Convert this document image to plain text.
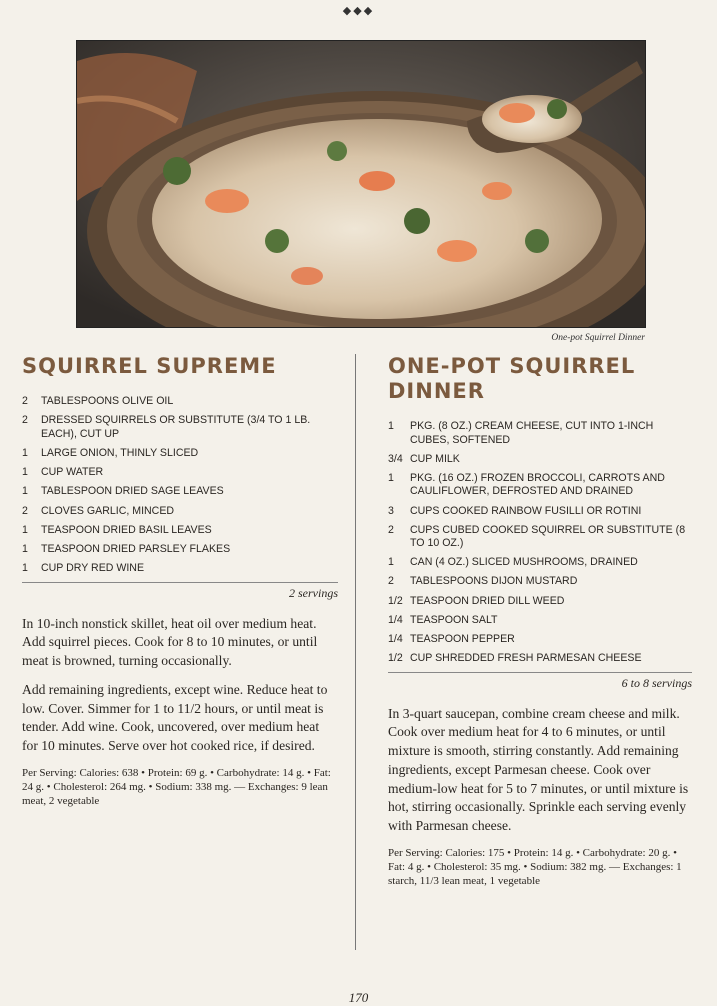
◆◆◆
One-pot Squirrel Dinner
SQUIRREL SUPREME
2	TABLESPOONS OLIVE OIL
2	DRESSED SQUIRRELS OR SUBSTITUTE (3/4 TO 1 LB. EACH), CUT UP
1	LARGE ONION, THINLY SLICED
1	CUP WATER
1	TABLESPOON DRIED SAGE LEAVES
2	CLOVES GARLIC, MINCED
1	TEASPOON DRIED BASIL LEAVES
1	TEASPOON DRIED PARSLEY FLAKES
1	CUP DRY RED WINE
2 servings

In 10-inch nonstick skillet, heat oil over medium heat. Add squirrel pieces. Cook for 8 to 10 minutes, or until meat is browned, turning occasionally.

Add remaining ingredients, except wine. Reduce heat to low. Cover. Simmer for 1 to 11/2 hours, or until meat is tender. Add wine. Cook, uncovered, over medium heat for 10 minutes. Serve over hot cooked rice, if desired.

Per Serving: Calories: 638 • Protein: 69 g. • Carbohydrate: 14 g. • Fat: 24 g. • Cholesterol: 264 mg. • Sodium: 338 mg. — Exchanges: 9 lean meat, 2 vegetable
ONE-POT SQUIRREL DINNER
1	PKG. (8 OZ.) CREAM CHEESE, CUT INTO 1-INCH CUBES, SOFTENED
3/4 CUP MILK
1	PKG. (16 OZ.) FROZEN BROCCOLI, CARROTS AND CAULIFLOWER, DEFROSTED AND DRAINED
3	CUPS COOKED RAINBOW FUSILLI OR ROTINI
2	CUPS CUBED COOKED SQUIRREL OR SUBSTITUTE (8 TO 10 OZ.)
1	CAN (4 OZ.) SLICED MUSHROOMS, DRAINED
2	TABLESPOONS DIJON MUSTARD
1/2 TEASPOON DRIED DILL WEED
1/4 TEASPOON SALT
1/4 TEASPOON PEPPER
1/2 CUP SHREDDED FRESH PARMESAN CHEESE
6 to 8 servings

In 3-quart saucepan, combine cream cheese and milk. Cook over medium heat for 4 to 6 minutes, or until mixture is smooth, stirring constantly. Add remaining ingredients, except Parmesan cheese. Cook over medium-low heat for 5 to 7 minutes, or until mixture is hot, stirring occasionally. Sprinkle each serving evenly with Parmesan cheese.

Per Serving: Calories: 175 • Protein: 14 g. • Carbohydrate: 20 g. • Fat: 4 g. • Cholesterol: 35 mg. • Sodium: 382 mg. — Exchanges: 1 starch, 11/3 lean meat, 1 vegetable
170
